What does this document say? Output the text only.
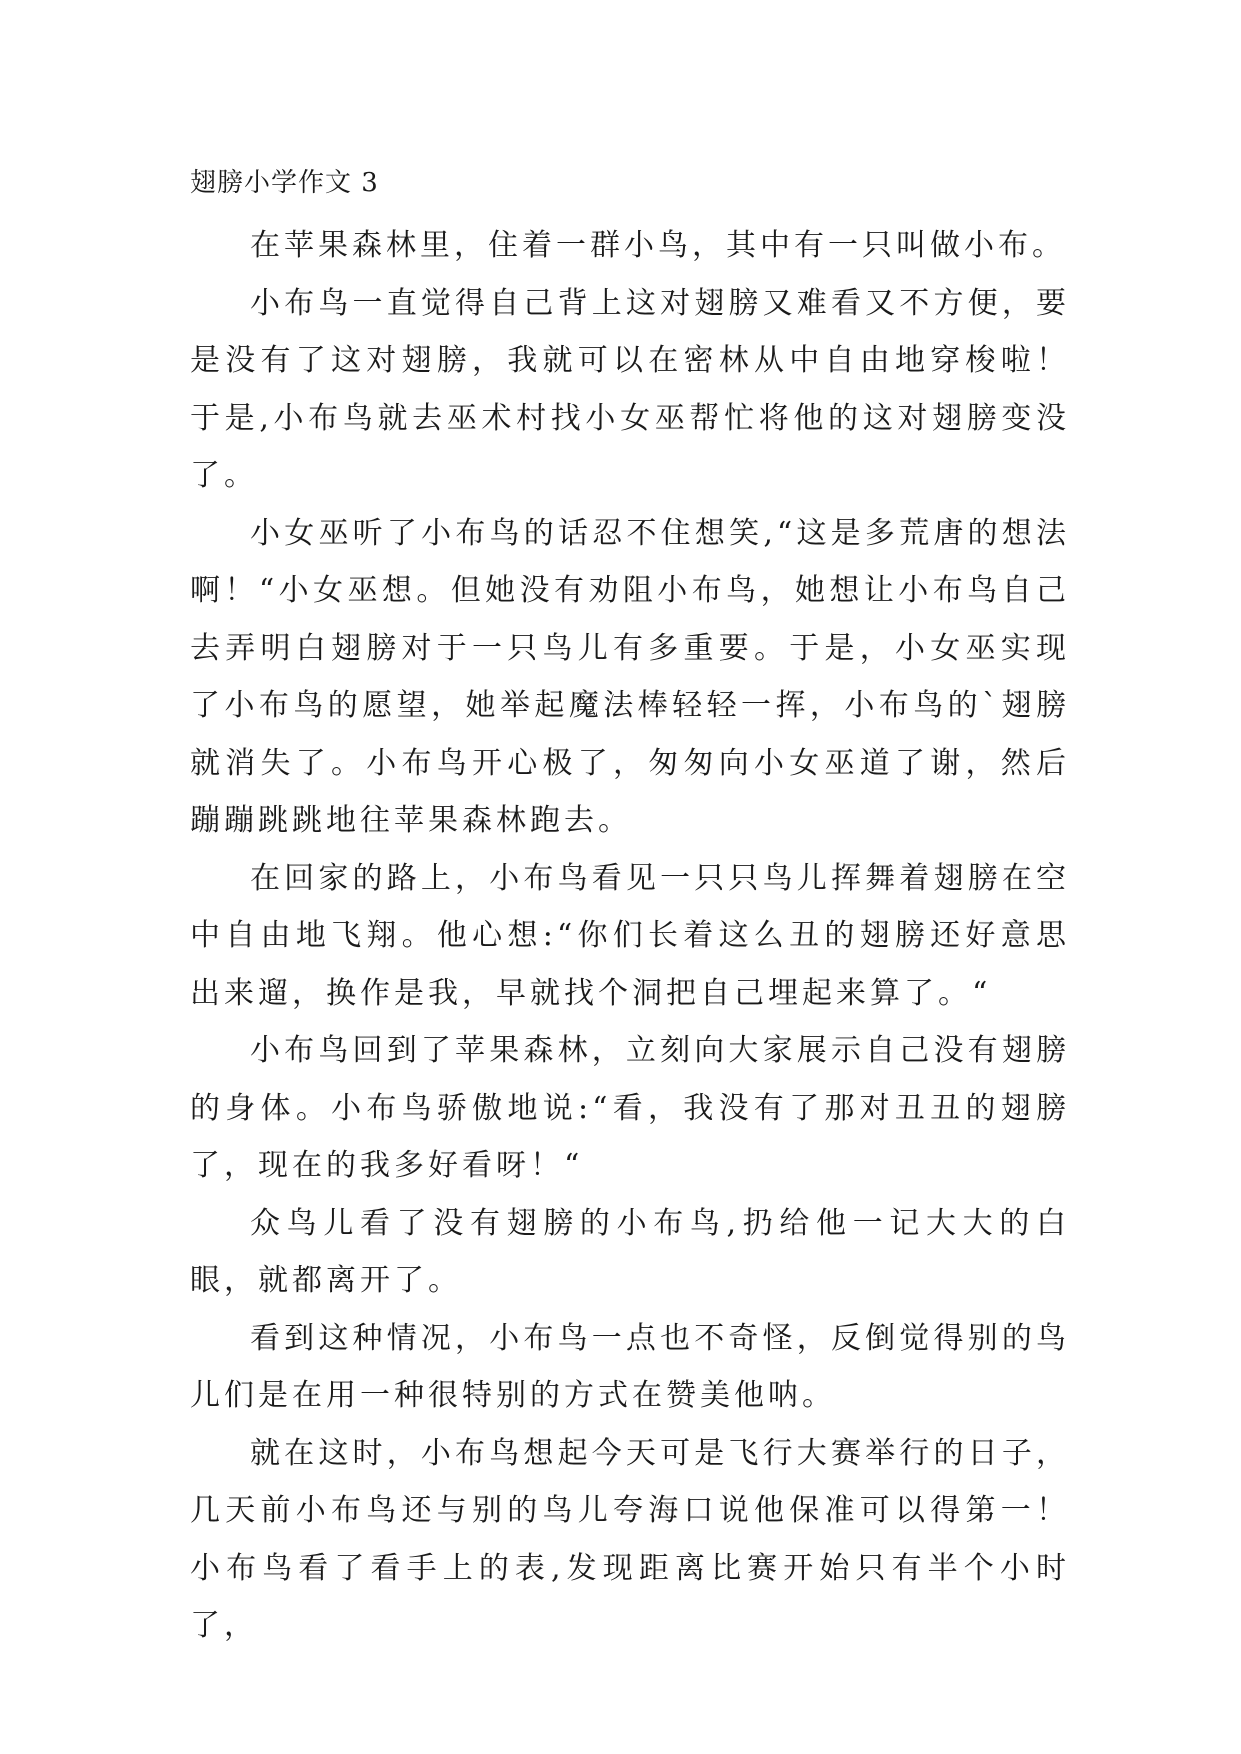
翅膀小学作文 3

在苹果森林里，住着一群小鸟，其中有一只叫做小布。

小布鸟一直觉得自己背上这对翅膀又难看又不方便，要是没有了这对翅膀，我就可以在密林从中自由地穿梭啦！于是,小布鸟就去巫术村找小女巫帮忙将他的这对翅膀变没了。

小女巫听了小布鸟的话忍不住想笑,“这是多荒唐的想法啊！“小女巫想。但她没有劝阻小布鸟，她想让小布鸟自己去弄明白翅膀对于一只鸟儿有多重要。于是，小女巫实现了小布鸟的愿望，她举起魔法棒轻轻一挥，小布鸟的`翅膀就消失了。小布鸟开心极了，匆匆向小女巫道了谢，然后蹦蹦跳跳地往苹果森林跑去。

在回家的路上，小布鸟看见一只只鸟儿挥舞着翅膀在空中自由地飞翔。他心想:“你们长着这么丑的翅膀还好意思出来遛，换作是我，早就找个洞把自己埋起来算了。“

小布鸟回到了苹果森林，立刻向大家展示自己没有翅膀的身体。小布鸟骄傲地说:“看，我没有了那对丑丑的翅膀了，现在的我多好看呀！“

众鸟儿看了没有翅膀的小布鸟,扔给他一记大大的白眼，就都离开了。

看到这种情况，小布鸟一点也不奇怪，反倒觉得别的鸟儿们是在用一种很特别的方式在赞美他呐。

就在这时，小布鸟想起今天可是飞行大赛举行的日子，几天前小布鸟还与别的鸟儿夸海口说他保准可以得第一！小布鸟看了看手上的表,发现距离比赛开始只有半个小时了，
